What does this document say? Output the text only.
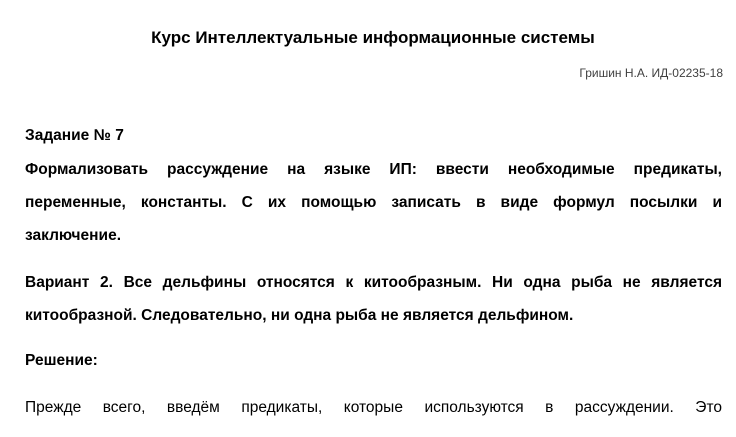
Курс Интеллектуальные информационные системы
Гришин Н.А. ИД-02235-18
Задание № 7
Формализовать рассуждение на языке ИП: ввести необходимые предикаты,
переменные, константы. С их помощью записать в виде формул посылки и
заключение.
Вариант 2. Все дельфины относятся к китообразным. Ни одна рыба не является
китообразной. Следовательно, ни одна рыба не является дельфином.
Решение:
Прежде всего, введём предикаты, которые используются в рассуждении. Это
